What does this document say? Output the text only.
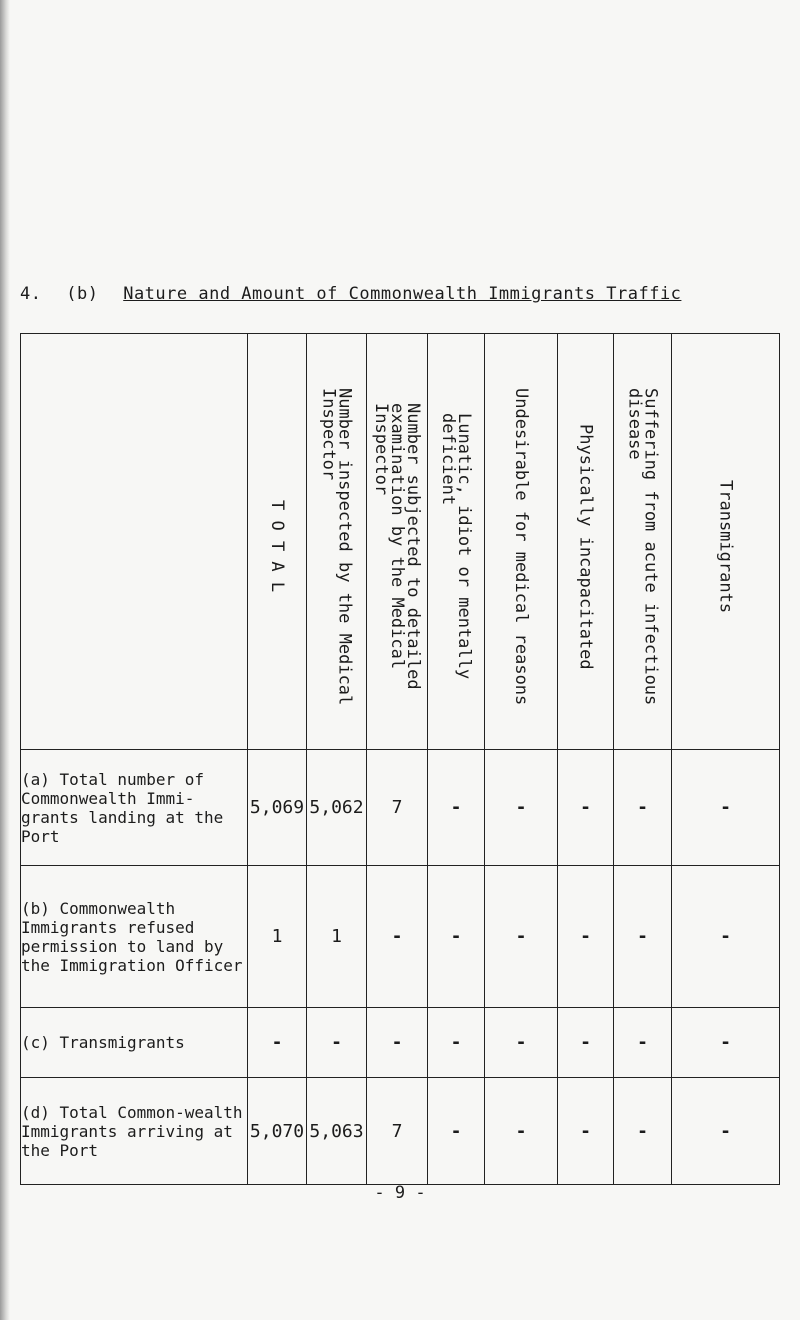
4. (b) Nature and Amount of Commonwealth Immigrants Traffic

	T O T A L	Number inspected by the Medical
Inspector	Number subjected to detailed
examination by the Medical
Inspector	Lunatic, idiot or mentally
deficient	Undesirable for medical reasons	Physically incapacitated	Suffering from acute infectious
disease	Transmigrants

(a) Total number of Commonwealth Immi-grants landing at the Port	5,069	5,062	7	-	-	-	-	-
(b) Commonwealth Immigrants refused permission to land by the Immigration Officer	1	1	-	-	-	-	-	-
(c) Transmigrants	-	-	-	-	-	-	-	-
(d) Total Common-wealth Immigrants arriving at the Port	5,070	5,063	7	-	-	-	-	-
- 9 -
